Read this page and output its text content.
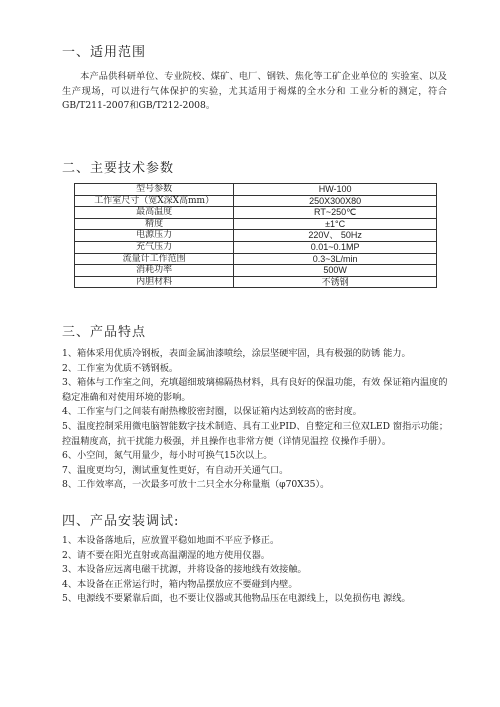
一、适用范围

本产品供科研单位、专业院校、煤矿、电厂、钢铁、焦化等工矿企业单位的 实验室、以及生产现场，可以进行气体保护的实验，尤其适用于褐煤的全水分和 工业分析的测定，符合GB/T211-2007和GB/T212-2008。

二、主要技术参数
型号参数	HW-100
工作室尺寸（宽X深X高mm）	250X300X80
最高温度	RT~250℃
精度	±1°C
电源压力	220V、 50Hz
充气压力	0.01~0.1MP
流量计工作范围	0.3~3L/min
消耗功率	500W
内胆材料	不锈钢
三、产品特点
1、箱体采用优质冷钢板，表面金属油漆喷绘，涂层坚硬牢固，具有极强的防锈 能力。
2、工作室为优质不锈钢板。
3、箱体与工作室之间，充填超细玻璃棉隔热材料，具有良好的保温功能，有效 保证箱内温度的稳定准确和对使用环境的影响。
4、工作室与门之间装有耐热橡胶密封圈，以保证箱内达到较高的密封度。
5、温度控制采用微电脑智能数字技术制造、具有工业PID、自整定和三位双LED 窗指示功能；控温精度高，抗干扰能力极强，并且操作也非常方便（详情见温控 仪操作手册）。
6、小空间，氮气用量少，每小时可换气15次以上。
7、温度更均匀，测试重复性更好，有自动开关通气口。
8、工作效率高，一次最多可放十二只全水分称量瓶（φ70X35）。
四、产品安装调试:
1、本设备落地后，应放置平稳如地面不平应予修正。
2、请不要在阳光直射或高温潮湿的地方使用仪器。
3、本设备应远离电磁干扰源，并将设备的接地线有效接触。
4、本设备在正常运行时，箱内物品摆放应不要碰到内壁。
5、电源线不要紧靠后面，也不要让仪器或其他物品压在电源线上，以免损伤电 源线。
